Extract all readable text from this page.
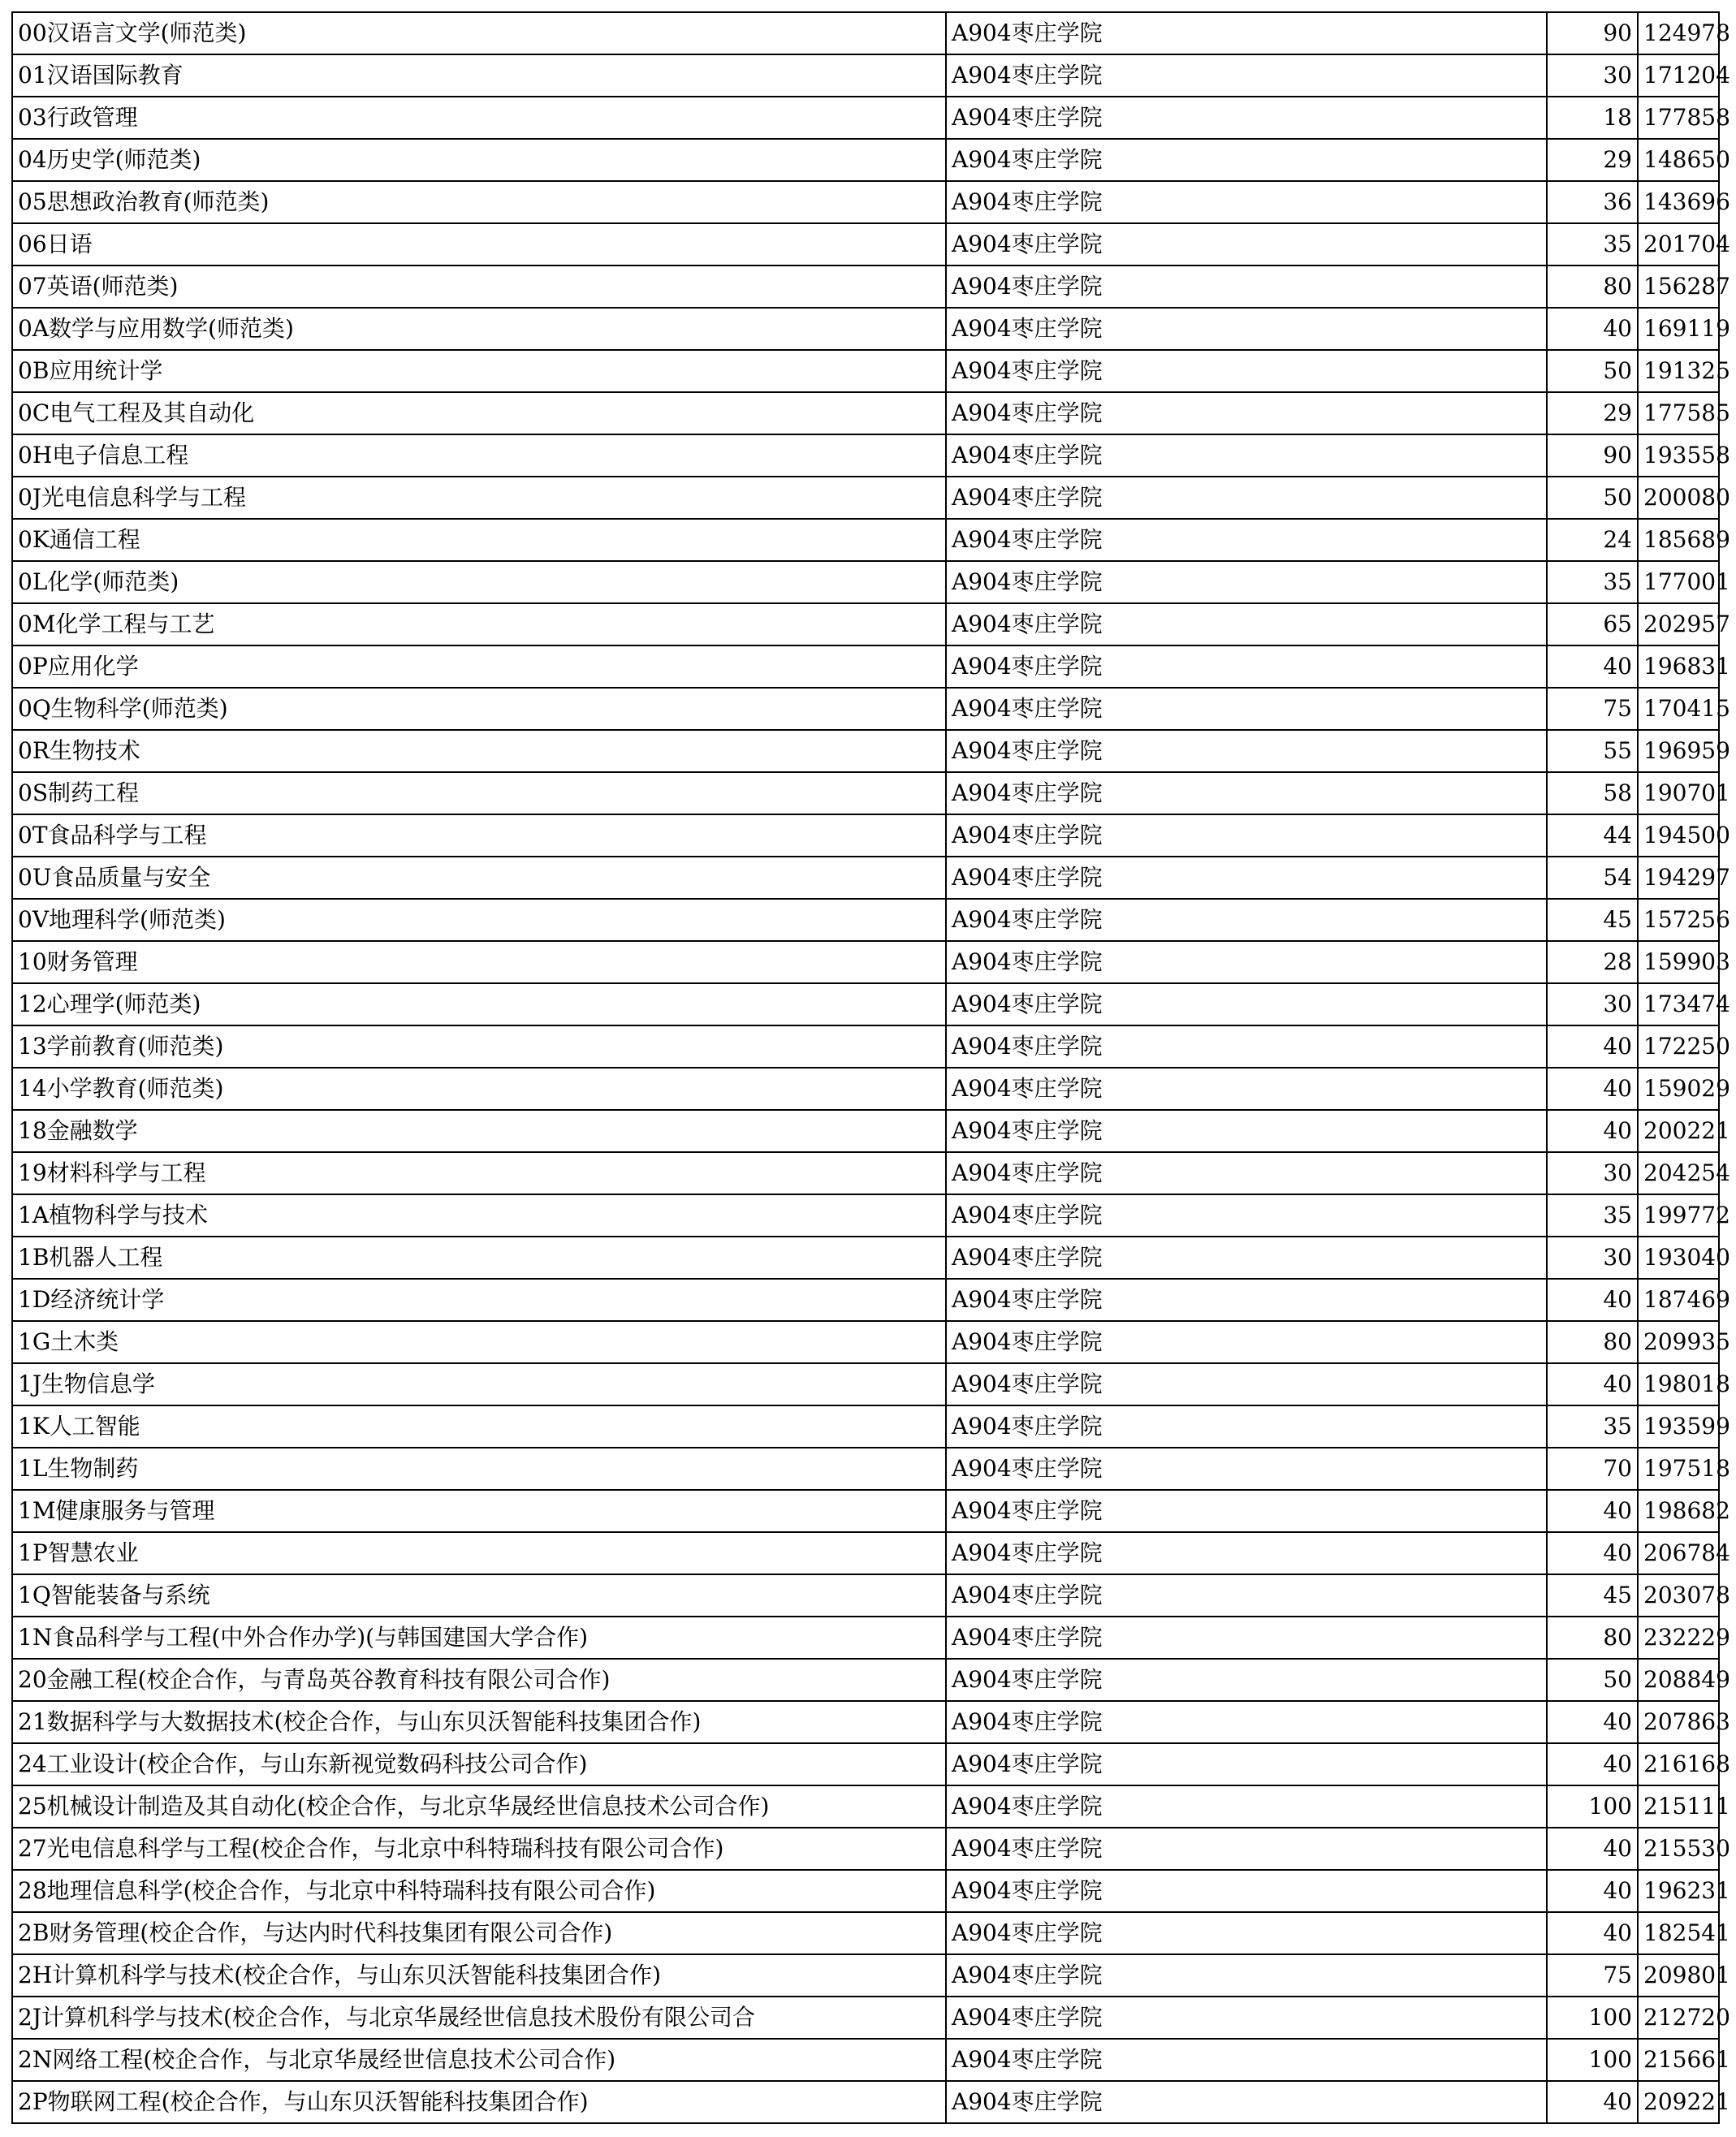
00汉语言文学(师范类)	A904枣庄学院	90	124978
01汉语国际教育	A904枣庄学院	30	171204
03行政管理	A904枣庄学院	18	177858
04历史学(师范类)	A904枣庄学院	29	148650
05思想政治教育(师范类)	A904枣庄学院	36	143696
06日语	A904枣庄学院	35	201704
07英语(师范类)	A904枣庄学院	80	156287
0A数学与应用数学(师范类)	A904枣庄学院	40	169119
0B应用统计学	A904枣庄学院	50	191325
0C电气工程及其自动化	A904枣庄学院	29	177585
0H电子信息工程	A904枣庄学院	90	193558
0J光电信息科学与工程	A904枣庄学院	50	200080
0K通信工程	A904枣庄学院	24	185689
0L化学(师范类)	A904枣庄学院	35	177001
0M化学工程与工艺	A904枣庄学院	65	202957
0P应用化学	A904枣庄学院	40	196831
0Q生物科学(师范类)	A904枣庄学院	75	170415
0R生物技术	A904枣庄学院	55	196959
0S制药工程	A904枣庄学院	58	190701
0T食品科学与工程	A904枣庄学院	44	194500
0U食品质量与安全	A904枣庄学院	54	194297
0V地理科学(师范类)	A904枣庄学院	45	157256
10财务管理	A904枣庄学院	28	159903
12心理学(师范类)	A904枣庄学院	30	173474
13学前教育(师范类)	A904枣庄学院	40	172250
14小学教育(师范类)	A904枣庄学院	40	159029
18金融数学	A904枣庄学院	40	200221
19材料科学与工程	A904枣庄学院	30	204254
1A植物科学与技术	A904枣庄学院	35	199772
1B机器人工程	A904枣庄学院	30	193040
1D经济统计学	A904枣庄学院	40	187469
1G土木类	A904枣庄学院	80	209935
1J生物信息学	A904枣庄学院	40	198018
1K人工智能	A904枣庄学院	35	193599
1L生物制药	A904枣庄学院	70	197518
1M健康服务与管理	A904枣庄学院	40	198682
1P智慧农业	A904枣庄学院	40	206784
1Q智能装备与系统	A904枣庄学院	45	203078
1N食品科学与工程(中外合作办学)(与韩国建国大学合作)	A904枣庄学院	80	232229
20金融工程(校企合作，与青岛英谷教育科技有限公司合作)	A904枣庄学院	50	208849
21数据科学与大数据技术(校企合作，与山东贝沃智能科技集团合作)	A904枣庄学院	40	207863
24工业设计(校企合作，与山东新视觉数码科技公司合作)	A904枣庄学院	40	216168
25机械设计制造及其自动化(校企合作，与北京华晟经世信息技术公司合作)	A904枣庄学院	100	215111
27光电信息科学与工程(校企合作，与北京中科特瑞科技有限公司合作)	A904枣庄学院	40	215530
28地理信息科学(校企合作，与北京中科特瑞科技有限公司合作)	A904枣庄学院	40	196231
2B财务管理(校企合作，与达内时代科技集团有限公司合作)	A904枣庄学院	40	182541
2H计算机科学与技术(校企合作，与山东贝沃智能科技集团合作)	A904枣庄学院	75	209801
2J计算机科学与技术(校企合作，与北京华晟经世信息技术股份有限公司合	A904枣庄学院	100	212720
2N网络工程(校企合作，与北京华晟经世信息技术公司合作)	A904枣庄学院	100	215661
2P物联网工程(校企合作，与山东贝沃智能科技集团合作)	A904枣庄学院	40	209221
